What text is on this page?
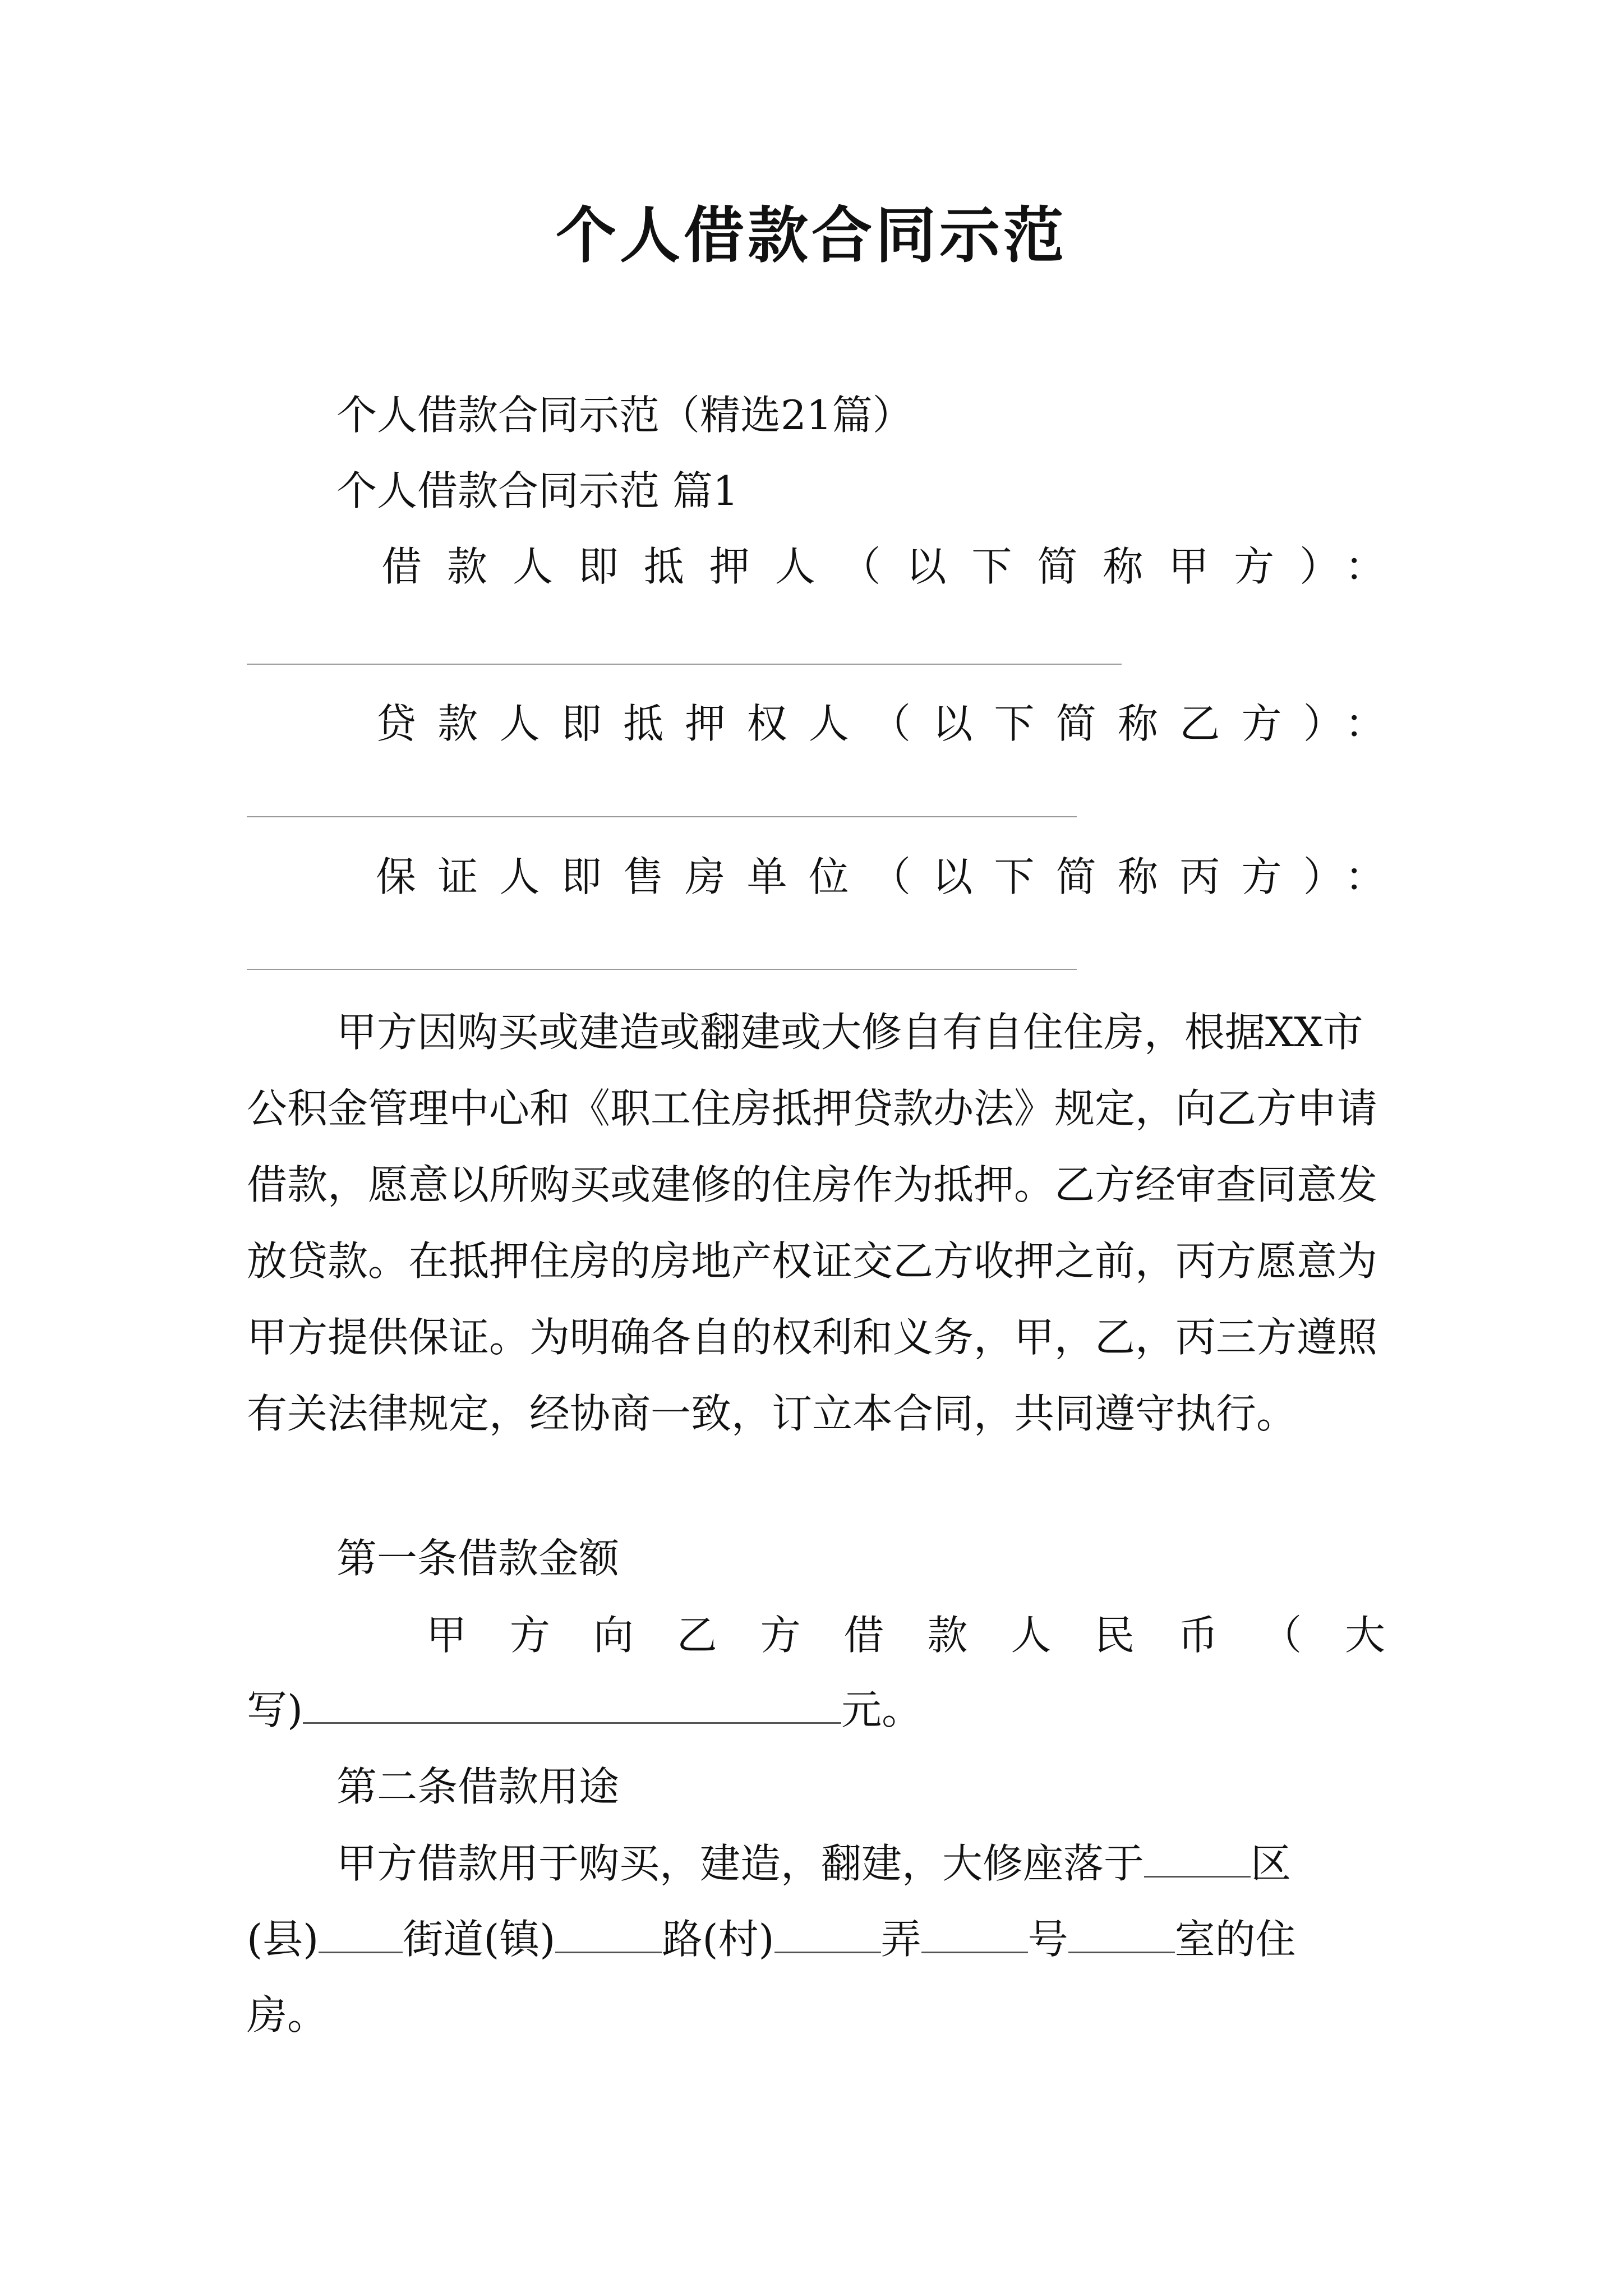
个人借款合同示范
个人借款合同示范（精选21篇）
个人借款合同示范 篇1
借款人即抵押人（以下简称甲方）：
贷款人即抵押权人（以下简称乙方）：
保证人即售房单位（以下简称丙方）：
甲方因购买或建造或翻建或大修自有自住住房，根据XX市公积金管理中心和《职工住房抵押贷款办法》规定，向乙方申请借款，愿意以所购买或建修的住房作为抵押。乙方经审查同意发放贷款。在抵押住房的房地产权证交乙方收押之前，丙方愿意为甲方提供保证。为明确各自的权利和义务，甲，乙，丙三方遵照有关法律规定，经协商一致，订立本合同，共同遵守执行。
第一条借款金额
甲方向乙方借款人民币（大
写)	元。
第二条借款用途
甲方借款用于购买，建造，翻建，大修座落于	区
(县) 街道(镇)	路(村)	弄	号	室的住
房。
